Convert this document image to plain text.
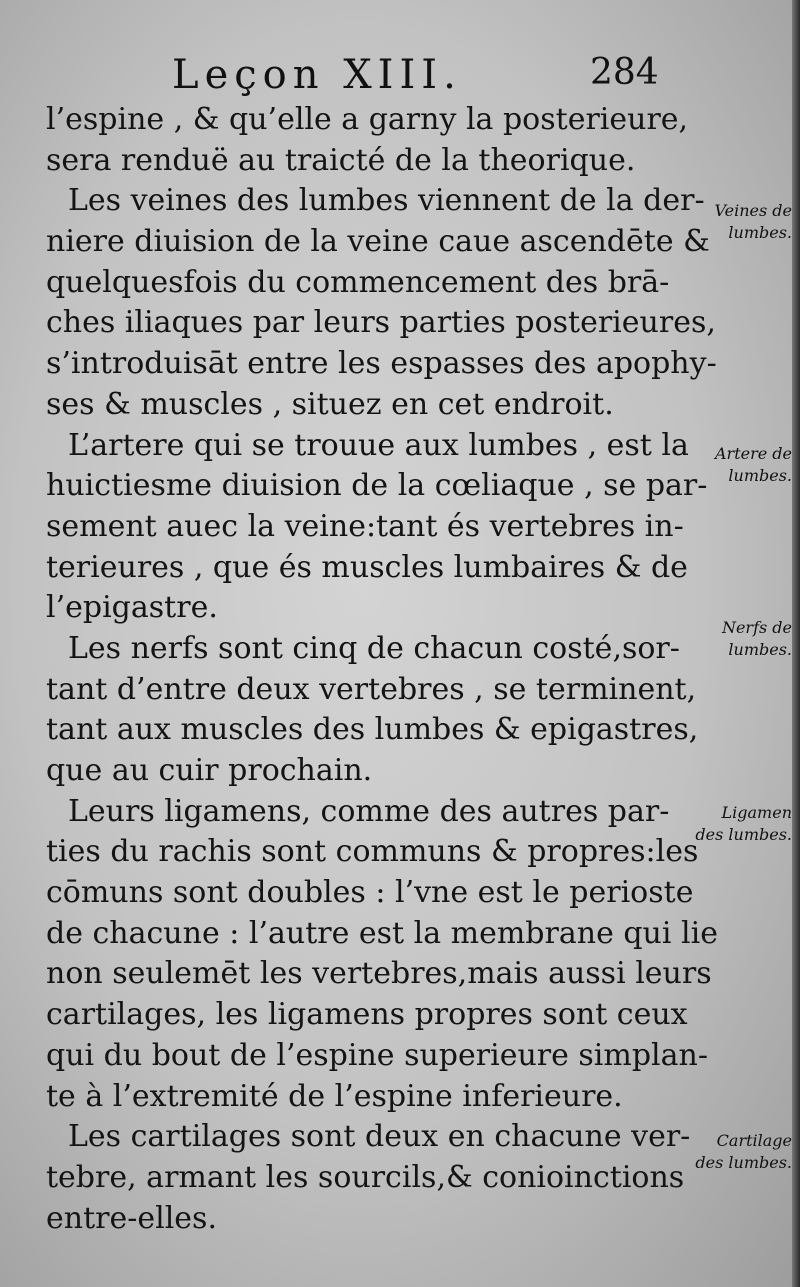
Leçon XIII.	284
l’espine , & qu’elle a garny la posterieure,
sera renduë au traicté de la theorique.
Les veines des lumbes viennent de la der-
niere diuision de la veine caue ascendēte &
quelquesfois du commencement des brā-
ches iliaques par leurs parties posterieures,
s’introduisāt entre les espasses des apophy-
ses & muscles , situez en cet endroit.
L’artere qui se trouue aux lumbes , est la
huictiesme diuision de la cœliaque , se par-
sement auec la veine:tant és vertebres in-
terieures , que és muscles lumbaires & de
l’epigastre.
Les nerfs sont cinq de chacun costé,sor-
tant d’entre deux vertebres , se terminent,
tant aux muscles des lumbes & epigastres,
que au cuir prochain.
Leurs ligamens, comme des autres par-
ties du rachis sont communs & propres:les
cōmuns sont doubles : l’vne est le perioste
de chacune : l’autre est la membrane qui lie
non seulemēt les vertebres,mais aussi leurs
cartilages, les ligamens propres sont ceux
qui du bout de l’espine superieure simplan-
te à l’extremité de l’espine inferieure.
Les cartilages sont deux en chacune ver-
tebre, armant les sourcils,& conioinctions
entre-elles.
Veines de
lumbes.
Artere de
lumbes.
Nerfs de
lumbes.
Ligamen
des lumbes.
Cartilage
des lumbes.
